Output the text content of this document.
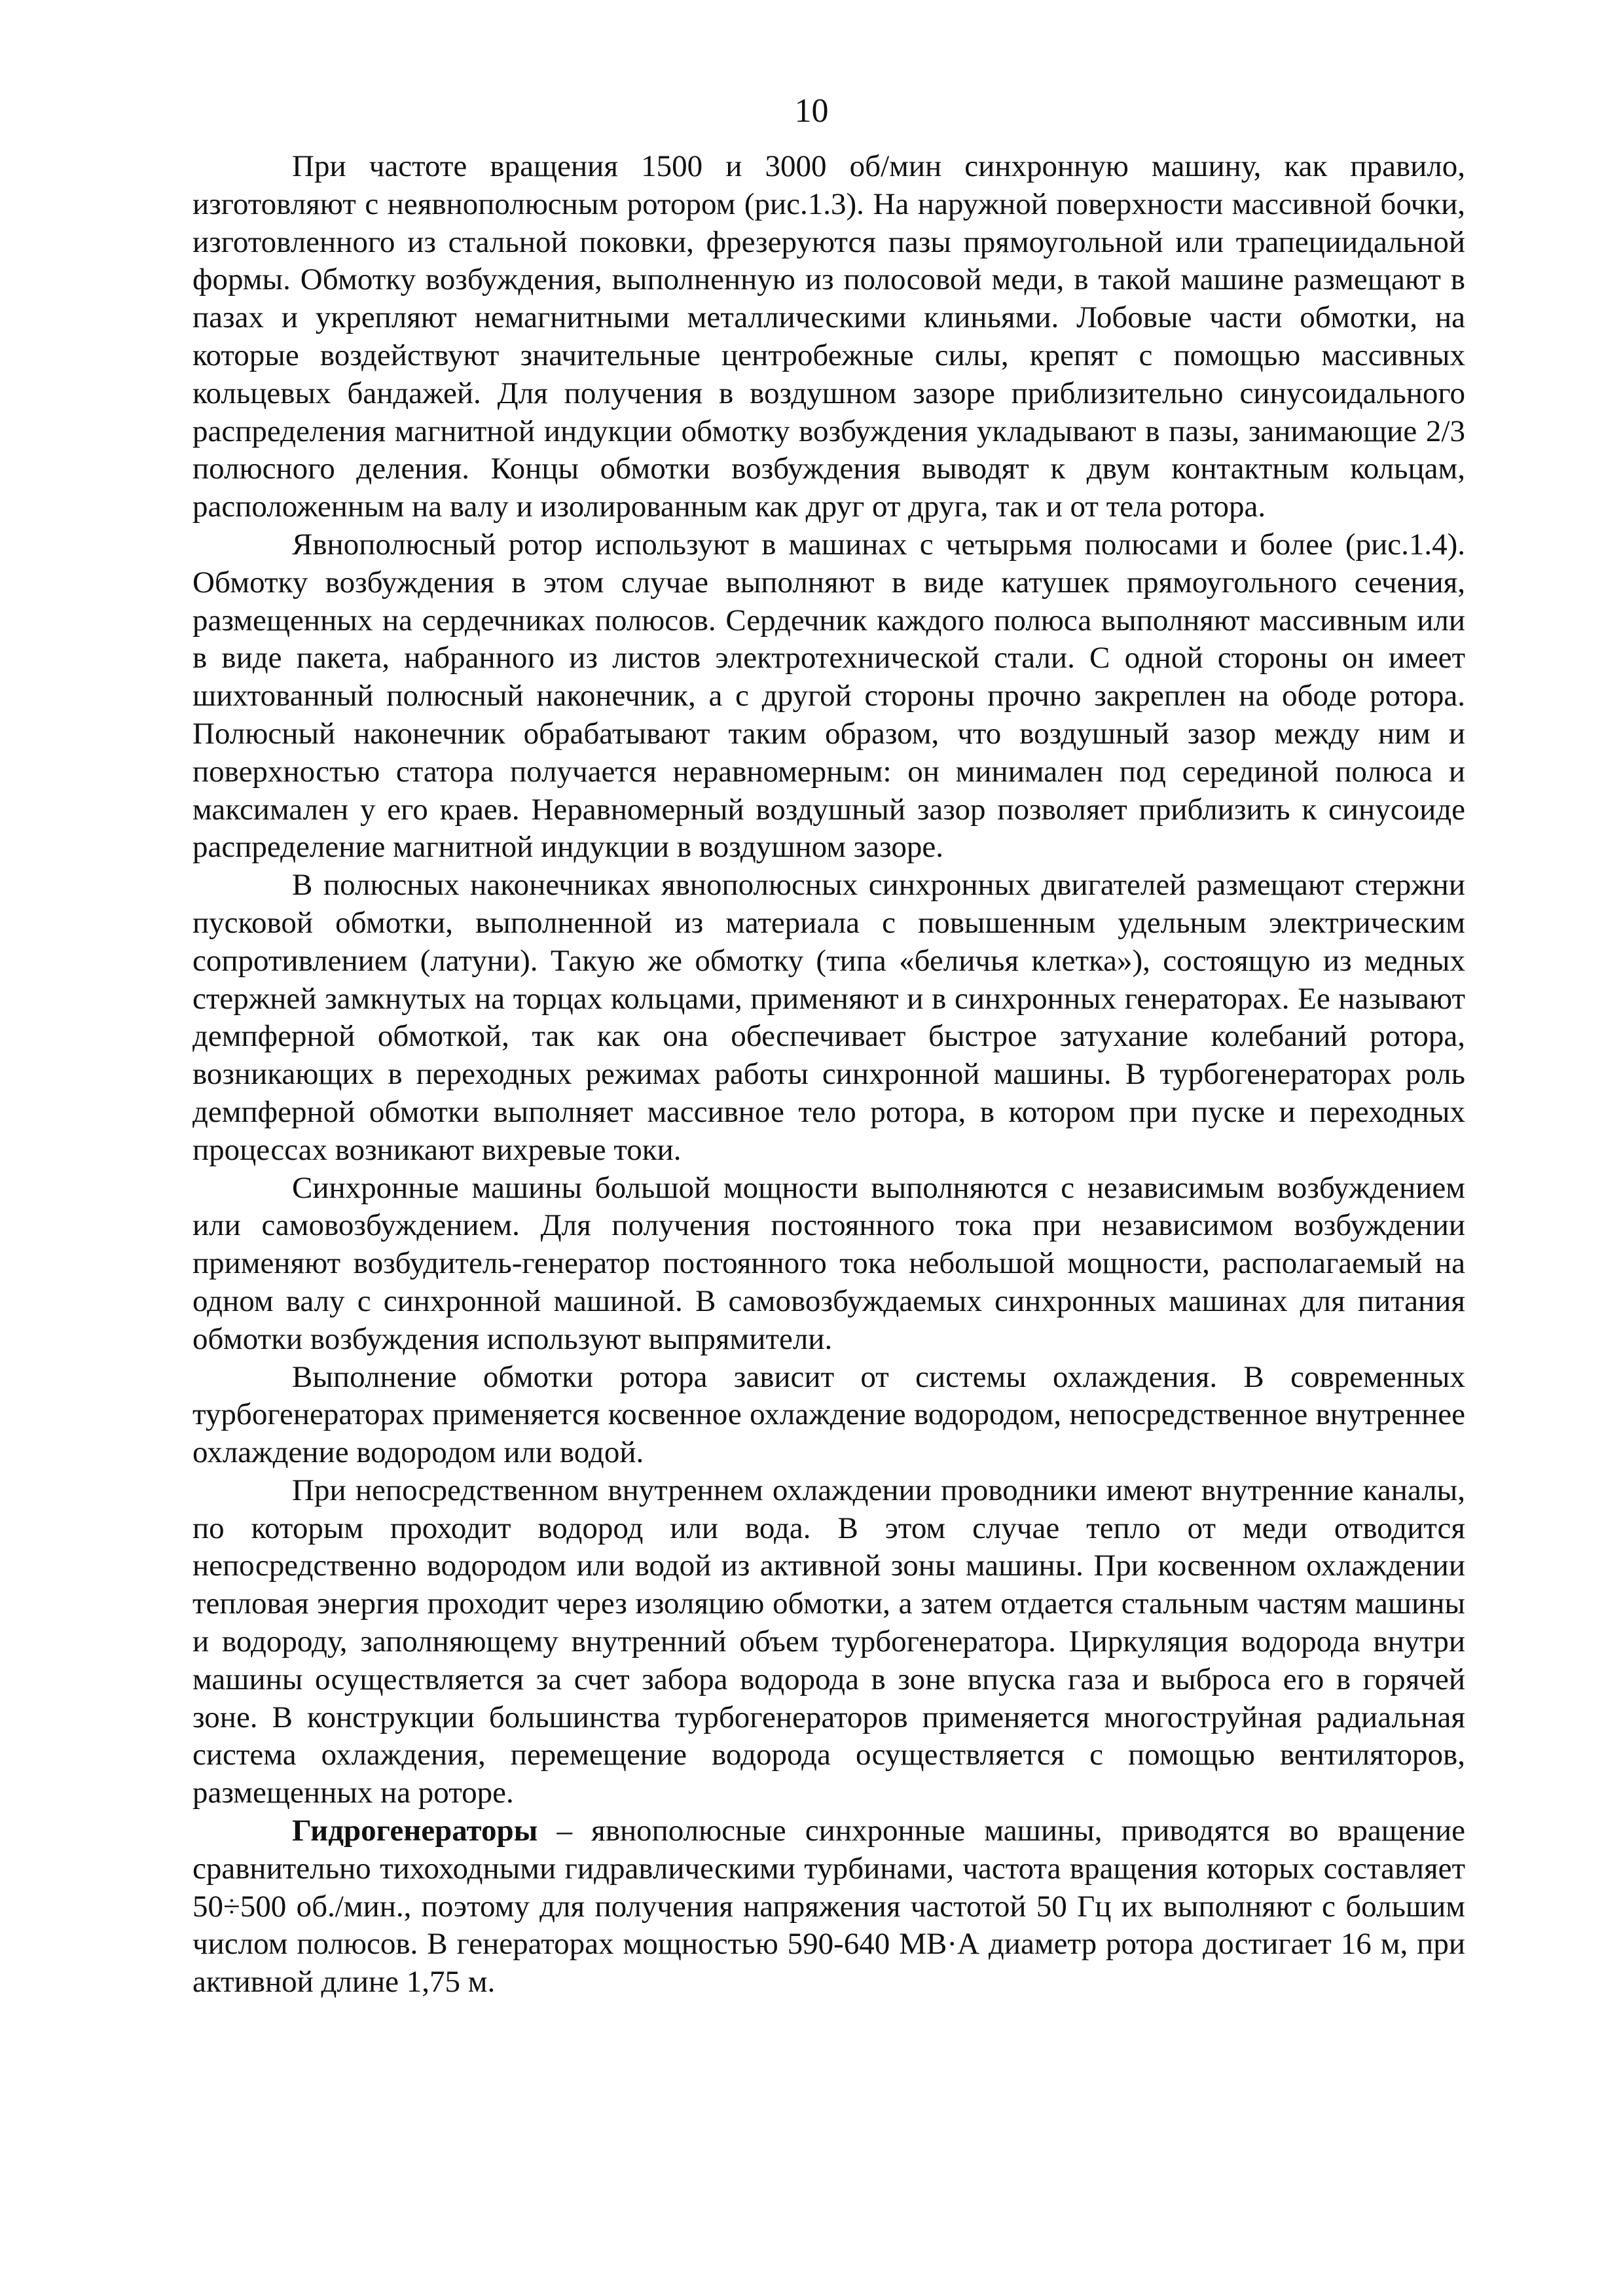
10

При частоте вращения 1500 и 3000 об/мин синхронную машину, как правило, изготовляют с неявнополюсным ротором (рис.1.3). На наружной поверхности массивной бочки, изготовленного из стальной поковки, фрезеруются пазы прямоугольной или трапециидальной формы. Обмотку возбуждения, выполненную из полосовой меди, в такой машине размещают в пазах и укрепляют немагнитными металлическими клиньями. Лобовые части обмотки, на которые воздействуют значительные центробежные силы, крепят с помощью массивных кольцевых бандажей. Для получения в воздушном зазоре приблизительно синусоидального распределения магнитной индукции обмотку возбуждения укладывают в пазы, занимающие 2/3 полюсного деления. Концы обмотки возбуждения выводят к двум контактным кольцам, расположенным на валу и изолированным как друг от друга, так и от тела ротора.

Явнополюсный ротор используют в машинах с четырьмя полюсами и более (рис.1.4). Обмотку возбуждения в этом случае выполняют в виде катушек прямоугольного сечения, размещенных на сердечниках полюсов. Сердечник каждого полюса выполняют массивным или в виде пакета, набранного из листов электротехнической стали. С одной стороны он имеет шихтованный полюсный наконечник, а с другой стороны прочно закреплен на ободе ротора. Полюсный наконечник обрабатывают таким образом, что воздушный зазор между ним и поверхностью статора получается неравномерным: он минимален под серединой полюса и максимален у его краев. Неравномерный воздушный зазор позволяет приблизить к синусоиде распределение магнитной индукции в воздушном зазоре.

В полюсных наконечниках явнополюсных синхронных двигателей размещают стержни пусковой обмотки, выполненной из материала с повышенным удельным электрическим сопротивлением (латуни). Такую же обмотку (типа «беличья клетка»), состоящую из медных стержней замкнутых на торцах кольцами, применяют и в синхронных генераторах. Ее называют демпферной обмоткой, так как она обеспечивает быстрое затухание колебаний ротора, возникающих в переходных режимах работы синхронной машины. В турбогенераторах роль демпферной обмотки выполняет массивное тело ротора, в котором при пуске и переходных процессах возникают вихревые токи.

Синхронные машины большой мощности выполняются с независимым возбуждением или самовозбуждением. Для получения постоянного тока при независимом возбуждении применяют возбудитель-генератор постоянного тока небольшой мощности, располагаемый на одном валу с синхронной машиной. В самовозбуждаемых синхронных машинах для питания обмотки возбуждения используют выпрямители.

Выполнение обмотки ротора зависит от системы охлаждения. В современных турбогенераторах применяется косвенное охлаждение водородом, непосредственное внутреннее охлаждение водородом или водой.

При непосредственном внутреннем охлаждении проводники имеют внутренние каналы, по которым проходит водород или вода. В этом случае тепло от меди отводится непосредственно водородом или водой из активной зоны машины. При косвенном охлаждении тепловая энергия проходит через изоляцию обмотки, а затем отдается стальным частям машины и водороду, заполняющему внутренний объем турбогенератора. Циркуляция водорода внутри машины осуществляется за счет забора водорода в зоне впуска газа и выброса его в горячей зоне. В конструкции большинства турбогенераторов применяется многоструйная радиальная система охлаждения, перемещение водорода осуществляется с помощью вентиляторов, размещенных на роторе.

Гидрогенераторы – явнополюсные синхронные машины, приводятся во вращение сравнительно тихоходными гидравлическими турбинами, частота вращения которых составляет 50÷500 об./мин., поэтому для получения напряжения частотой 50 Гц их выполняют с большим числом полюсов. В генераторах мощностью 590-640 МВ·А диаметр ротора достигает 16 м, при активной длине 1,75 м.
